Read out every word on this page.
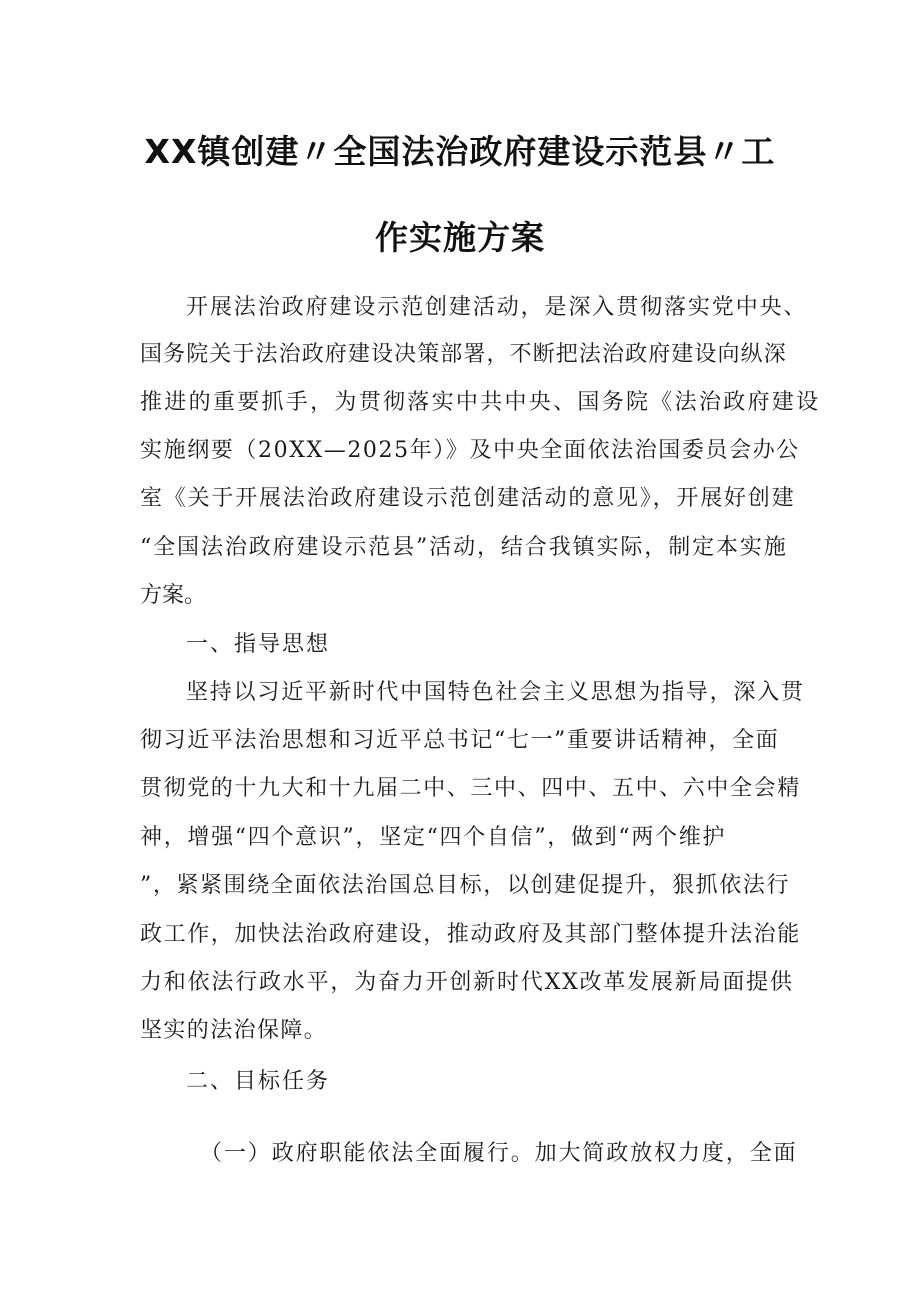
XX镇创建〃全国法治政府建设示范县〃工
作实施方案
开展法治政府建设示范创建活动，是深入贯彻落实党中央、
国务院关于法治政府建设决策部署，不断把法治政府建设向纵深
推进的重要抓手，为贯彻落实中共中央、国务院《法治政府建设
实施纲要（20XX—2025年）》及中央全面依法治国委员会办公
室《关于开展法治政府建设示范创建活动的意见》，开展好创建
“全国法治政府建设示范县”活动，结合我镇实际，制定本实施
方案。
一、指导思想
坚持以习近平新时代中国特色社会主义思想为指导，深入贯
彻习近平法治思想和习近平总书记“七一”重要讲话精神，全面
贯彻党的十九大和十九届二中、三中、四中、五中、六中全会精
神，增强“四个意识”，坚定“四个自信”，做到“两个维护
”，紧紧围绕全面依法治国总目标，以创建促提升，狠抓依法行
政工作，加快法治政府建设，推动政府及其部门整体提升法治能
力和依法行政水平，为奋力开创新时代XX改革发展新局面提供
坚实的法治保障。
二、目标任务
（一）政府职能依法全面履行。加大简政放权力度，全面
